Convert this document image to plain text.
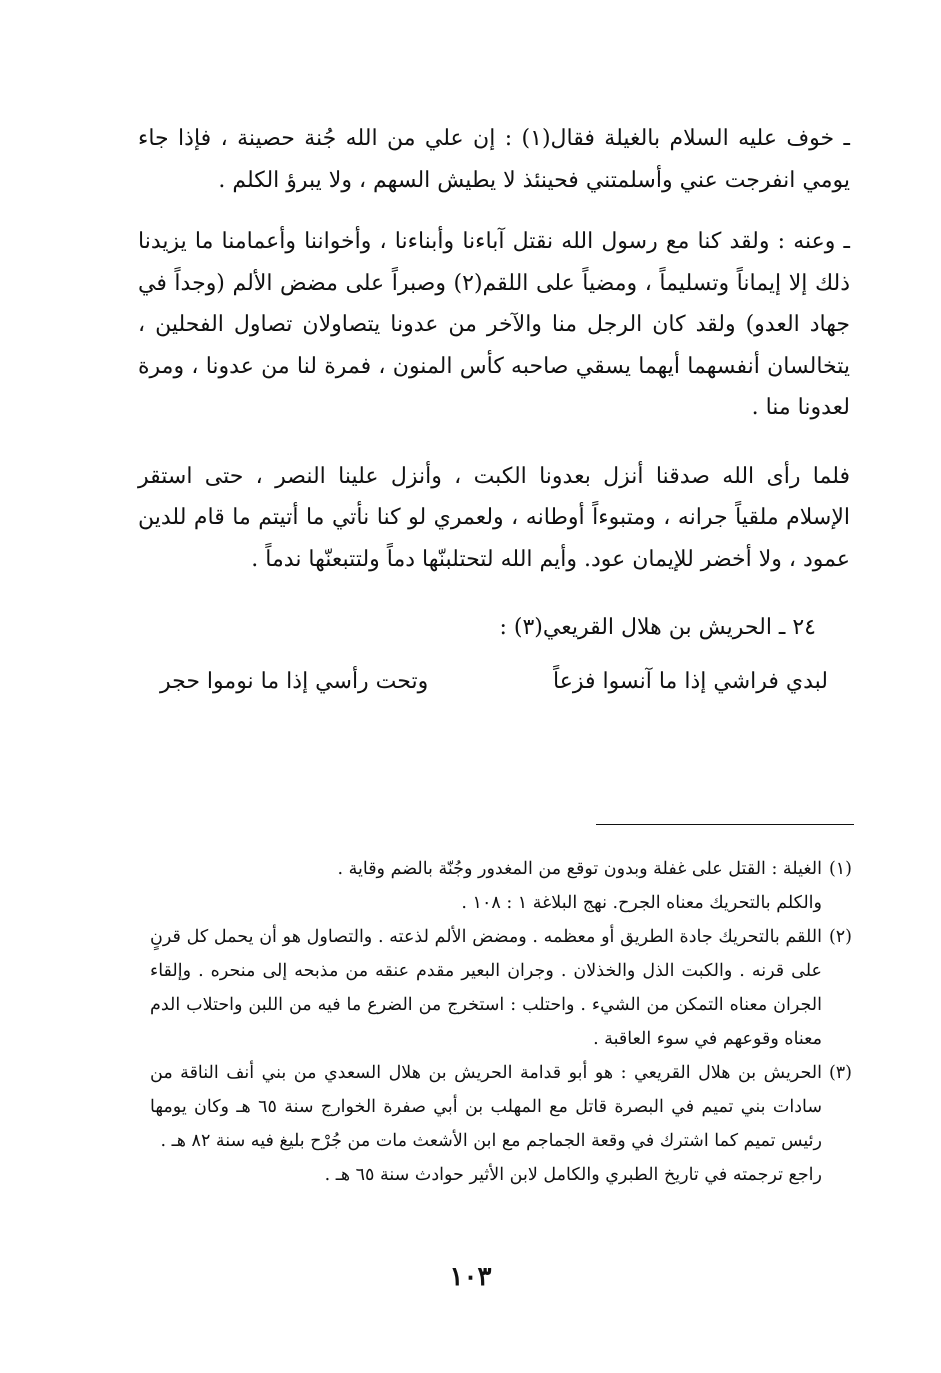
ـ خوف عليه السلام بالغيلة فقال(١) : إن علي من الله جُنة حصينة ، فإذا جاء يومي انفرجت عني وأسلمتني فحينئذ لا يطيش السهم ، ولا يبرؤ الكلم .

ـ وعنه : ولقد كنا مع رسول الله نقتل آباءنا وأبناءنا ، وأخواننا وأعمامنا ما يزيدنا ذلك إلا إيماناً وتسليماً ، ومضياً على اللقم(٢) وصبراً على مضض الألم (وجداً في جهاد العدو) ولقد كان الرجل منا والآخر من عدونا يتصاولان تصاول الفحلين ، يتخالسان أنفسهما أيهما يسقي صاحبه كأس المنون ، فمرة لنا من عدونا ، ومرة لعدونا منا .

فلما رأى الله صدقنا أنزل بعدونا الكبت ، وأنزل علينا النصر ، حتى استقر الإسلام ملقياً جرانه ، ومتبوءاً أوطانه ، ولعمري لو كنا نأتي ما أتيتم ما قام للدين عمود ، ولا أخضر للإيمان عود. وأيم الله لتحتلبنّها دماً ولتتبعنّها ندماً .

٢٤ ـ الحريش بن هلال القريعي(٣) :

لبدي فراشي إذا ما آنسوا فزعاً
وتحت رأسي إذا ما نوموا حجر
(١)

الغيلة : القتل على غفلة وبدون توقع من المغدور وجُنّة بالضم وقاية .

والكلم بالتحريك معناه الجرح. نهج البلاغة ١ : ١٠٨ .

(٢)

اللقم بالتحريك جادة الطريق أو معظمه . ومضض الألم لذعته . والتصاول هو أن يحمل كل قرنٍ على قرنه . والكبت الذل والخذلان . وجران البعير مقدم عنقه من مذبحه إلى منحره . وإلقاء الجران معناه التمكن من الشيء . واحتلب : استخرج من الضرع ما فيه من اللبن واحتلاب الدم معناه وقوعهم في سوء العاقبة .

(٣)

الحريش بن هلال القريعي : هو أبو قدامة الحريش بن هلال السعدي من بني أنف الناقة من سادات بني تميم في البصرة قاتل مع المهلب بن أبي صفرة الخوارج سنة ٦٥ هـ وكان يومها رئيس تميم كما اشترك في وقعة الجماجم مع ابن الأشعث مات من جُرْح بليغ فيه سنة ٨٢ هـ .

راجع ترجمته في تاريخ الطبري والكامل لابن الأثير حوادث سنة ٦٥ هـ .

١٠٣
